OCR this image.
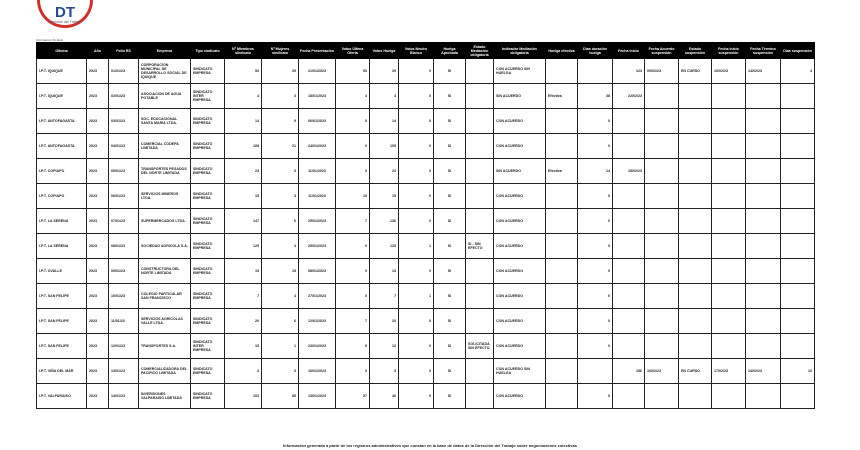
DT
Dirección del Trabajo
Información Sindical
Oficina	Año	Folio RS	Empresa	Tipo sindicato	Nº Miembros sindicato	Nº Mujeres sindicato	Fecha Presentación	Votos Última Oferta	Votos Huelga	Votos Neutro Blanco	Huelga Aprobada	Estado Mediación obligatoria	Indicador Mediación obligatoria	Huelga efectiva	Días duración huelga	Fecha inicio	Fecha Acuerdo suspensión	Estado suspensión	Fecha Inicio suspensión	Fecha Término suspensión	Días suspensión
I.P.T. IQUIQUE	2023	01/01/23	CORPORACION MUNICIPAL DE DESARROLLO SOCIAL DE IQUIQUE	SINDICATO EMPRESA	53	39	21/01/2023	53	39	0	SI		CON ACUERDO SIN HUELGA			123	09/02/23	EN CURSO	10/02/23	14/02/23	4
I.P.T. IQUIQUE	2023	02/01/23	ASOCIACION DE AGUA POTABLE	SINDICATO INTER EMPRESA	4	3	18/01/2023	4	4	0	SI		SIN ACUERDO	Efectiva	38	22/02/23					
I.P.T. ANTOFAGASTA	2023	03/01/23	SOC. EDUCACIONAL SANTA MARIA LTDA.	SINDICATO EMPRESA	14	9	06/01/2023	0	14	0	SI		CON ACUERDO		0						
I.P.T. ANTOFAGASTA	2023	04/01/23	COMERCIAL CODEPA LIMITADA	SINDICATO EMPRESA	108	21	24/01/2023	0	105	0	SI		CON ACUERDO		0						
I.P.T. COPIAPO	2023	05/01/23	TRANSPORTES PESADOS DEL NORTE LIMITADA	SINDICATO EMPRESA	23	3	11/01/2023	0	23	0	SI		SIN ACUERDO	Efectiva	14	15/02/23					
I.P.T. COPIAPO	2023	06/01/23	SERVICIOS MINEROS LTDA.	SINDICATO EMPRESA	15	3	11/01/2023	10	15	0	SI		CON ACUERDO		0						
I.P.T. LA SERENA	2023	07/01/23	SUPERMERCADOS LTDA.	SINDICATO EMPRESA	147	6	25/01/2023	7	136	0	SI		CON ACUERDO		0						
I.P.T. LA SERENA	2023	08/01/23	SOCIEDAD AGRICOLA S.A.	SINDICATO EMPRESA	125	4	25/01/2023	0	125	1	SI	SI - SIN EFECTO	CON ACUERDO		0						
I.P.T. OVALLE	2023	09/01/23	CONSTRUCTORA DEL NORTE LIMITADA	SINDICATO EMPRESA	15	15	08/01/2023	0	13	0	SI		CON ACUERDO		0						
I.P.T. SAN FELIPE	2023	10/01/23	COLEGIO PARTICULAR SAN FRANCISCO	SINDICATO EMPRESA	7	4	27/01/2023	0	7	1	SI		CON ACUERDO		0						
I.P.T. SAN FELIPE	2023	11/01/23	SERVICIOS AGRICOLAS VALLE LTDA.	SINDICATO EMPRESA	20	6	12/01/2023	7	20	0	SI		CON ACUERDO		0						
I.P.T. SAN FELIPE	2023	12/01/23	TRANSPORTES S.A.	SINDICATO INTER EMPRESA	15	1	23/01/2023	5	12	0	SI	SOLICITADA SIN EFECTO	CON ACUERDO		0						
I.P.T. VIÑA DEL MAR	2023	13/01/23	COMERCIALIZADORA DEL PACIFICO LIMITADA	SINDICATO EMPRESA	3	3	16/01/2023	0	3	0	SI		CON ACUERDO SIN HUELGA			156	16/02/23	EN CURSO	17/02/23	24/02/23	10
I.P.T. VALPARAISO	2023	14/01/23	INVERSIONES VALPARAISO LIMITADA	SINDICATO EMPRESA	103	85	13/01/2023	57	40	5	SI		CON ACUERDO		0						
Información generada a partir de los registros administrativos que constan en la base de datos de la Dirección del Trabajo sobre negociaciones colectivas
